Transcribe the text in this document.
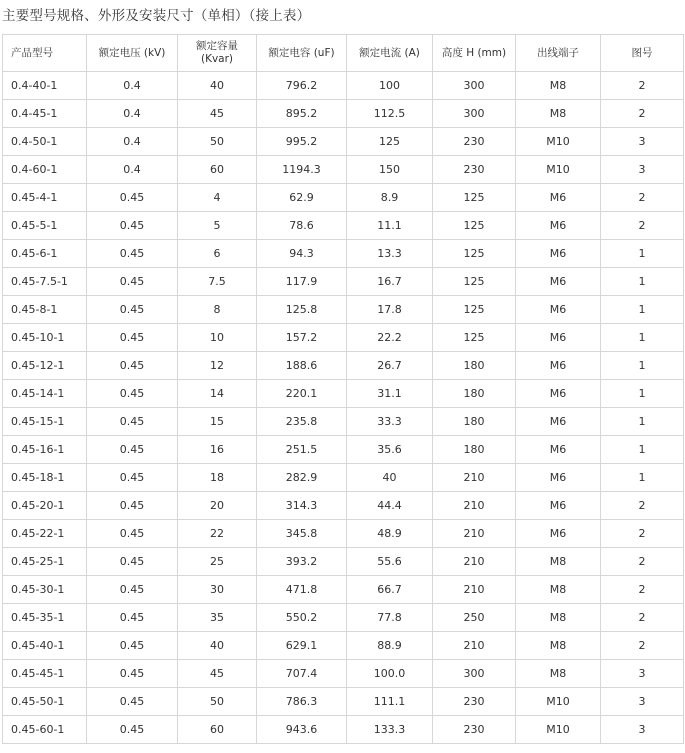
主要型号规格、外形及安装尺寸（单相）（接上表）
产品型号	额定电压 (kV)	额定容量
(Kvar)	额定电容 (uF)	额定电流 (A)	高度 H (mm)	出线端子	图号
0.4-40-1	0.4	40	796.2	100	300	M8	2
0.4-45-1	0.4	45	895.2	112.5	300	M8	2
0.4-50-1	0.4	50	995.2	125	230	M10	3
0.4-60-1	0.4	60	1194.3	150	230	M10	3
0.45-4-1	0.45	4	62.9	8.9	125	M6	2
0.45-5-1	0.45	5	78.6	11.1	125	M6	2
0.45-6-1	0.45	6	94.3	13.3	125	M6	1
0.45-7.5-1	0.45	7.5	117.9	16.7	125	M6	1
0.45-8-1	0.45	8	125.8	17.8	125	M6	1
0.45-10-1	0.45	10	157.2	22.2	125	M6	1
0.45-12-1	0.45	12	188.6	26.7	180	M6	1
0.45-14-1	0.45	14	220.1	31.1	180	M6	1
0.45-15-1	0.45	15	235.8	33.3	180	M6	1
0.45-16-1	0.45	16	251.5	35.6	180	M6	1
0.45-18-1	0.45	18	282.9	40	210	M6	1
0.45-20-1	0.45	20	314.3	44.4	210	M6	2
0.45-22-1	0.45	22	345.8	48.9	210	M6	2
0.45-25-1	0.45	25	393.2	55.6	210	M8	2
0.45-30-1	0.45	30	471.8	66.7	210	M8	2
0.45-35-1	0.45	35	550.2	77.8	250	M8	2
0.45-40-1	0.45	40	629.1	88.9	210	M8	2
0.45-45-1	0.45	45	707.4	100.0	300	M8	3
0.45-50-1	0.45	50	786.3	111.1	230	M10	3
0.45-60-1	0.45	60	943.6	133.3	230	M10	3
